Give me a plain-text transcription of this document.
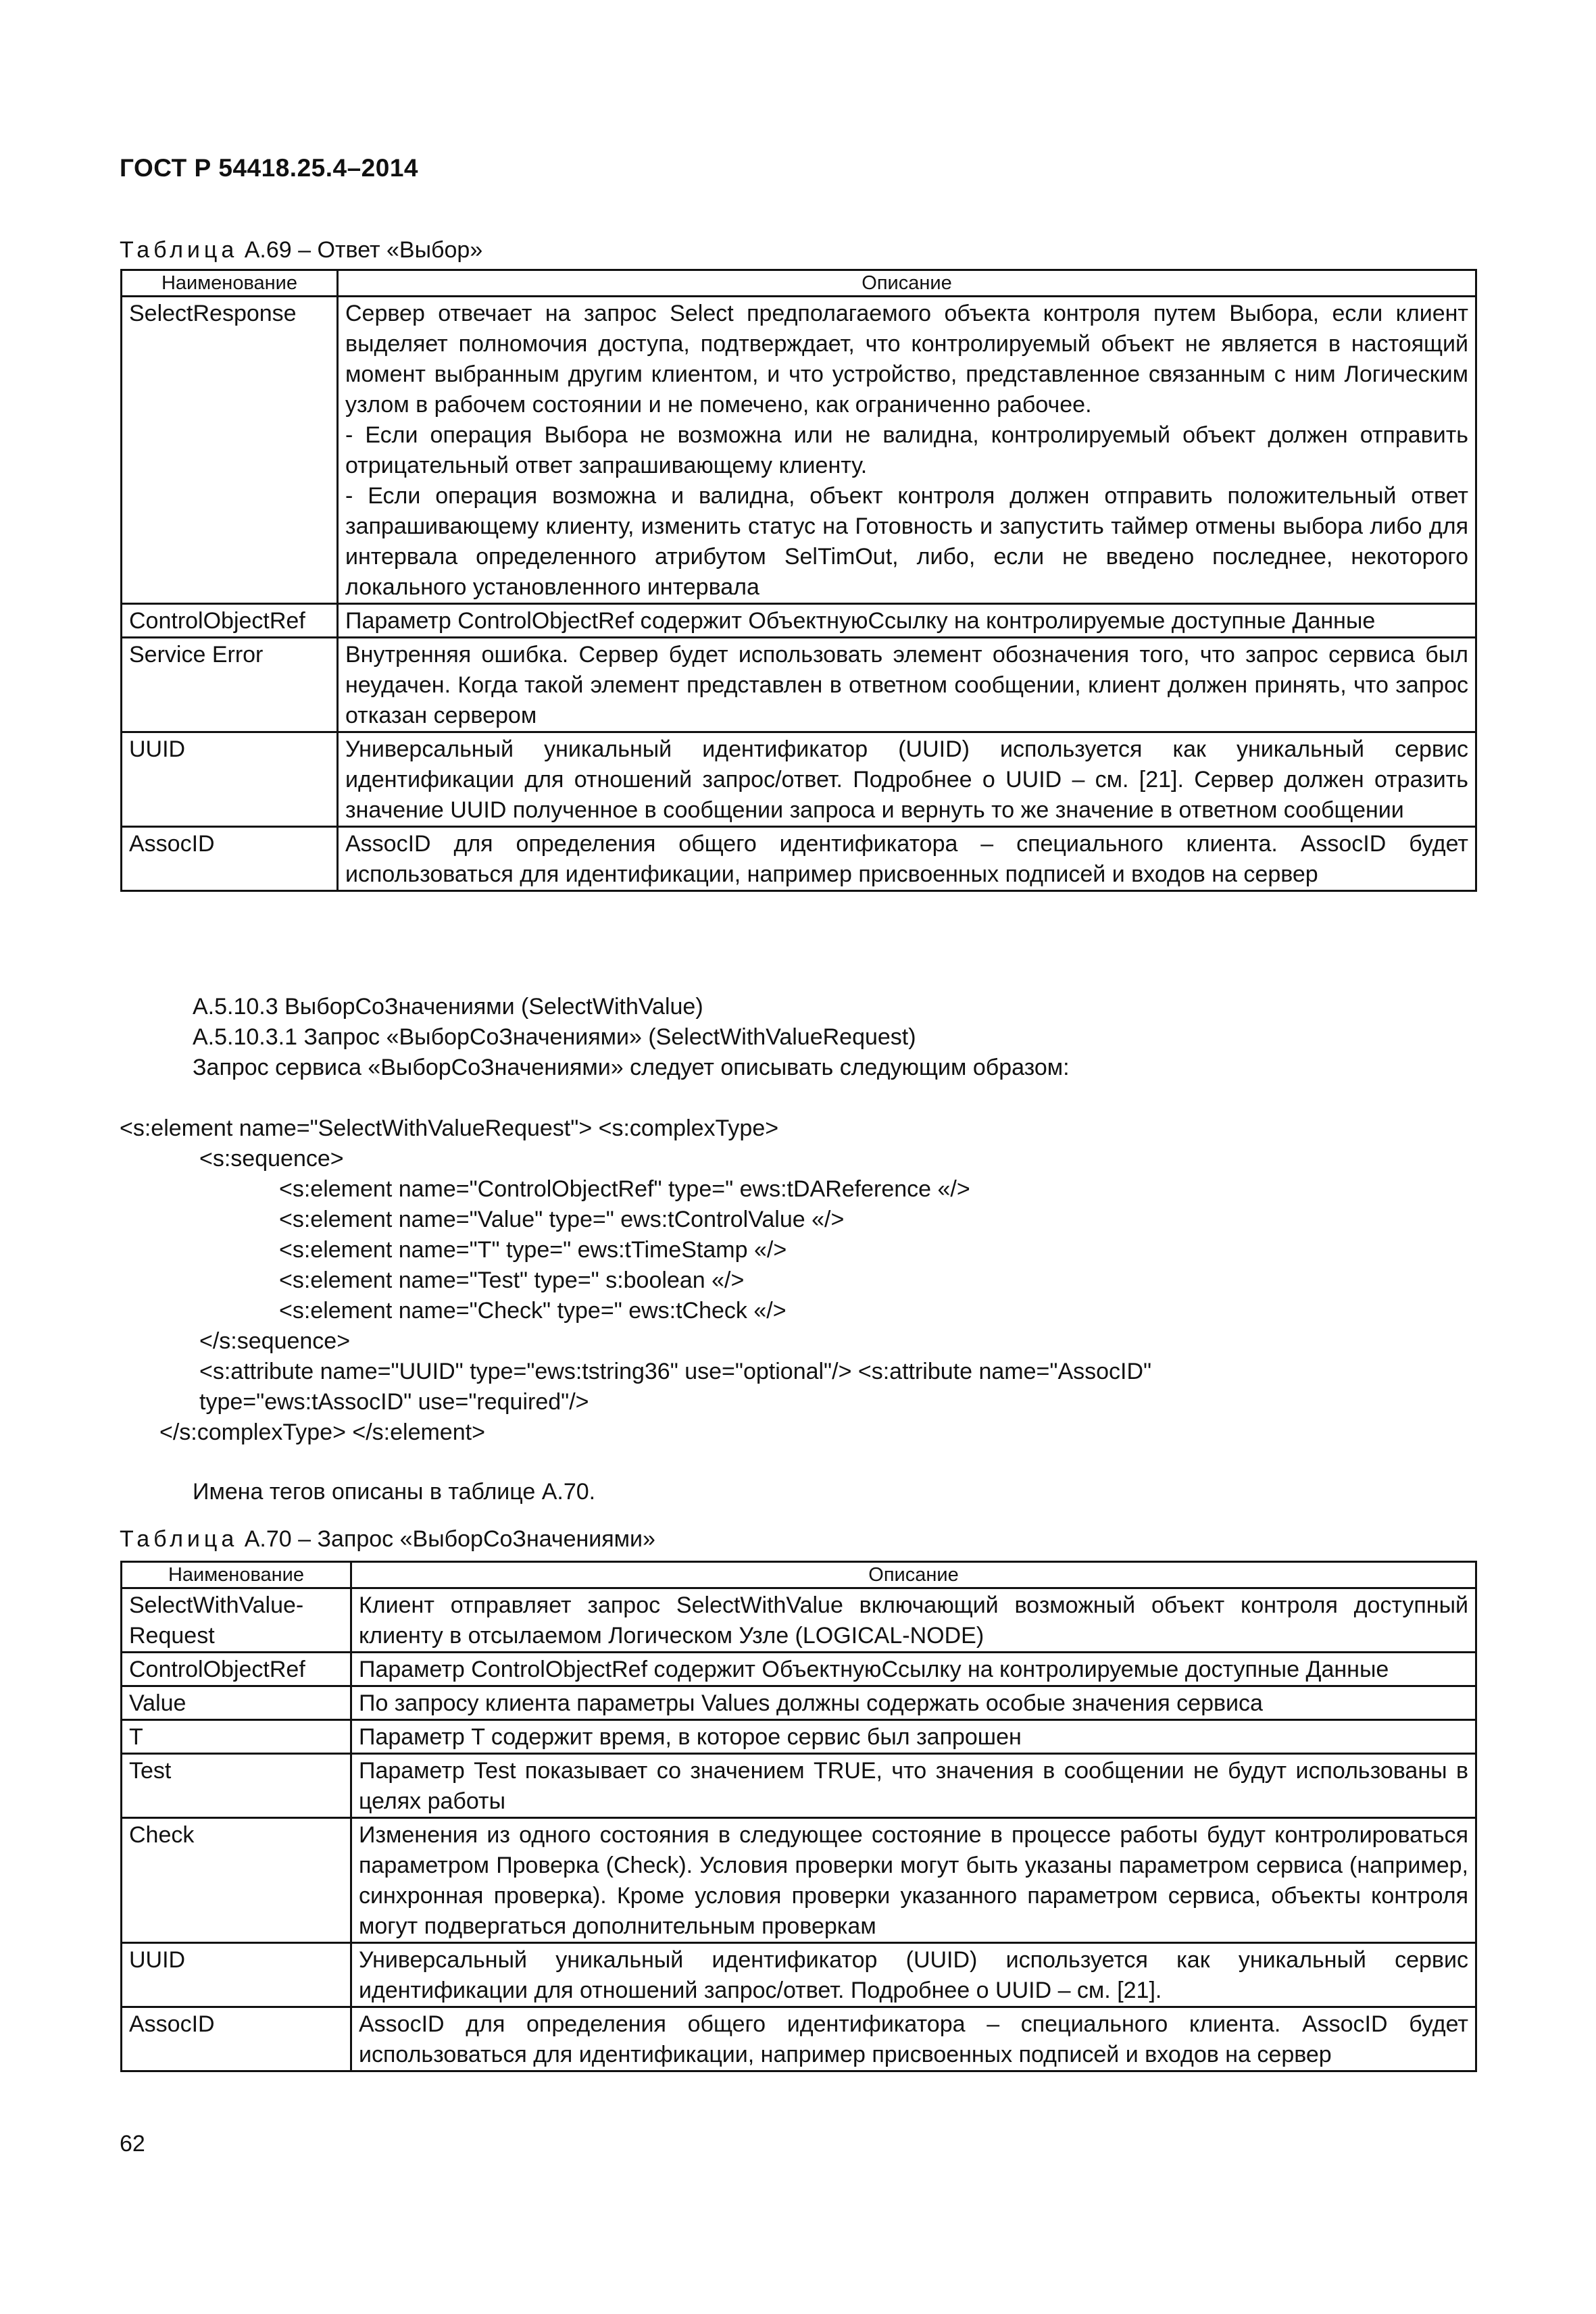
ГОСТ Р 54418.25.4–2014
Таблица А.69 – Ответ «Выбор»
Наименование	Описание
SelectResponse	Сервер отвечает на запрос Select предполагаемого объекта контроля путем Выбора, если клиент выделяет полномочия доступа, подтверждает, что контролируемый объект не является в настоящий момент выбранным другим клиентом, и что устройство, представленное связанным с ним Логическим узлом в рабочем состоянии и не помечено, как ограниченно рабочее.
- Если операция Выбора не возможна или не валидна, контролируемый объект должен отправить отрицательный ответ запрашивающему клиенту.
- Если операция возможна и валидна, объект контроля должен отправить положительный ответ запрашивающему клиенту, изменить статус на Готовность и запустить таймер отмены выбора либо для интервала определенного атрибутом SelTimOut, либо, если не введено последнее, некоторого локального установленного интервала
ControlObjectRef	Параметр ControlObjectRef содержит ОбъектнуюСсылку на контролируемые доступные Данные
Service Error	Внутренняя ошибка. Сервер будет использовать элемент обозначения того, что запрос сервиса был неудачен. Когда такой элемент представлен в ответном сообщении, клиент должен принять, что запрос отказан сервером
UUID	Универсальный уникальный идентификатор (UUID) используется как уникальный сервис идентификации для отношений запрос/ответ. Подробнее о UUID – см. [21]. Сервер должен отразить значение UUID полученное в сообщении запроса и вернуть то же значение в ответном сообщении
AssocID	AssocID для определения общего идентификатора – специального клиента. AssocID будет использоваться для идентификации, например присвоенных подписей и входов на сервер
А.5.10.3 ВыборСоЗначениями (SelectWithValue)
А.5.10.3.1 Запрос «ВыборСоЗначениями» (SelectWithValueRequest)
Запрос сервиса «ВыборСоЗначениями» следует описывать следующим образом:
<s:element name="SelectWithValueRequest"> <s:complexType>
<s:sequence>
<s:element name="ControlObjectRef" type=" ews:tDAReference «/>
<s:element name="Value" type=" ews:tControlValue «/>
<s:element name="T" type=" ews:tTimeStamp «/>
<s:element name="Test" type=" s:boolean «/>
<s:element name="Check" type=" ews:tCheck «/>
</s:sequence>
<s:attribute name="UUID" type="ews:tstring36" use="optional"/> <s:attribute name="AssocID"
type="ews:tAssocID" use="required"/>
</s:complexType> </s:element>
Имена тегов описаны в таблице А.70.
Таблица А.70 – Запрос «ВыборСоЗначениями»
Наименование	Описание
SelectWithValue-
Request	Клиент отправляет запрос SelectWithValue включающий возможный объект контроля доступный клиенту в отсылаемом Логическом Узле (LOGICAL-NODE)
ControlObjectRef	Параметр ControlObjectRef содержит ОбъектнуюСсылку на контролируемые доступные Данные
Value	По запросу клиента параметры Values должны содержать особые значения сервиса
T	Параметр T содержит время, в которое сервис был запрошен
Test	Параметр Test показывает со значением TRUE, что значения в сообщении не будут использованы в целях работы
Check	Изменения из одного состояния в следующее состояние в процессе работы будут контролироваться параметром Проверка (Check). Условия проверки могут быть указаны параметром сервиса (например, синхронная проверка). Кроме условия проверки указанного параметром сервиса, объекты контроля могут подвергаться дополнительным проверкам
UUID	Универсальный уникальный идентификатор (UUID) используется как уникальный сервис идентификации для отношений запрос/ответ. Подробнее о UUID – см. [21].
AssocID	AssocID для определения общего идентификатора – специального клиента. AssocID будет использоваться для идентификации, например присвоенных подписей и входов на сервер
62
